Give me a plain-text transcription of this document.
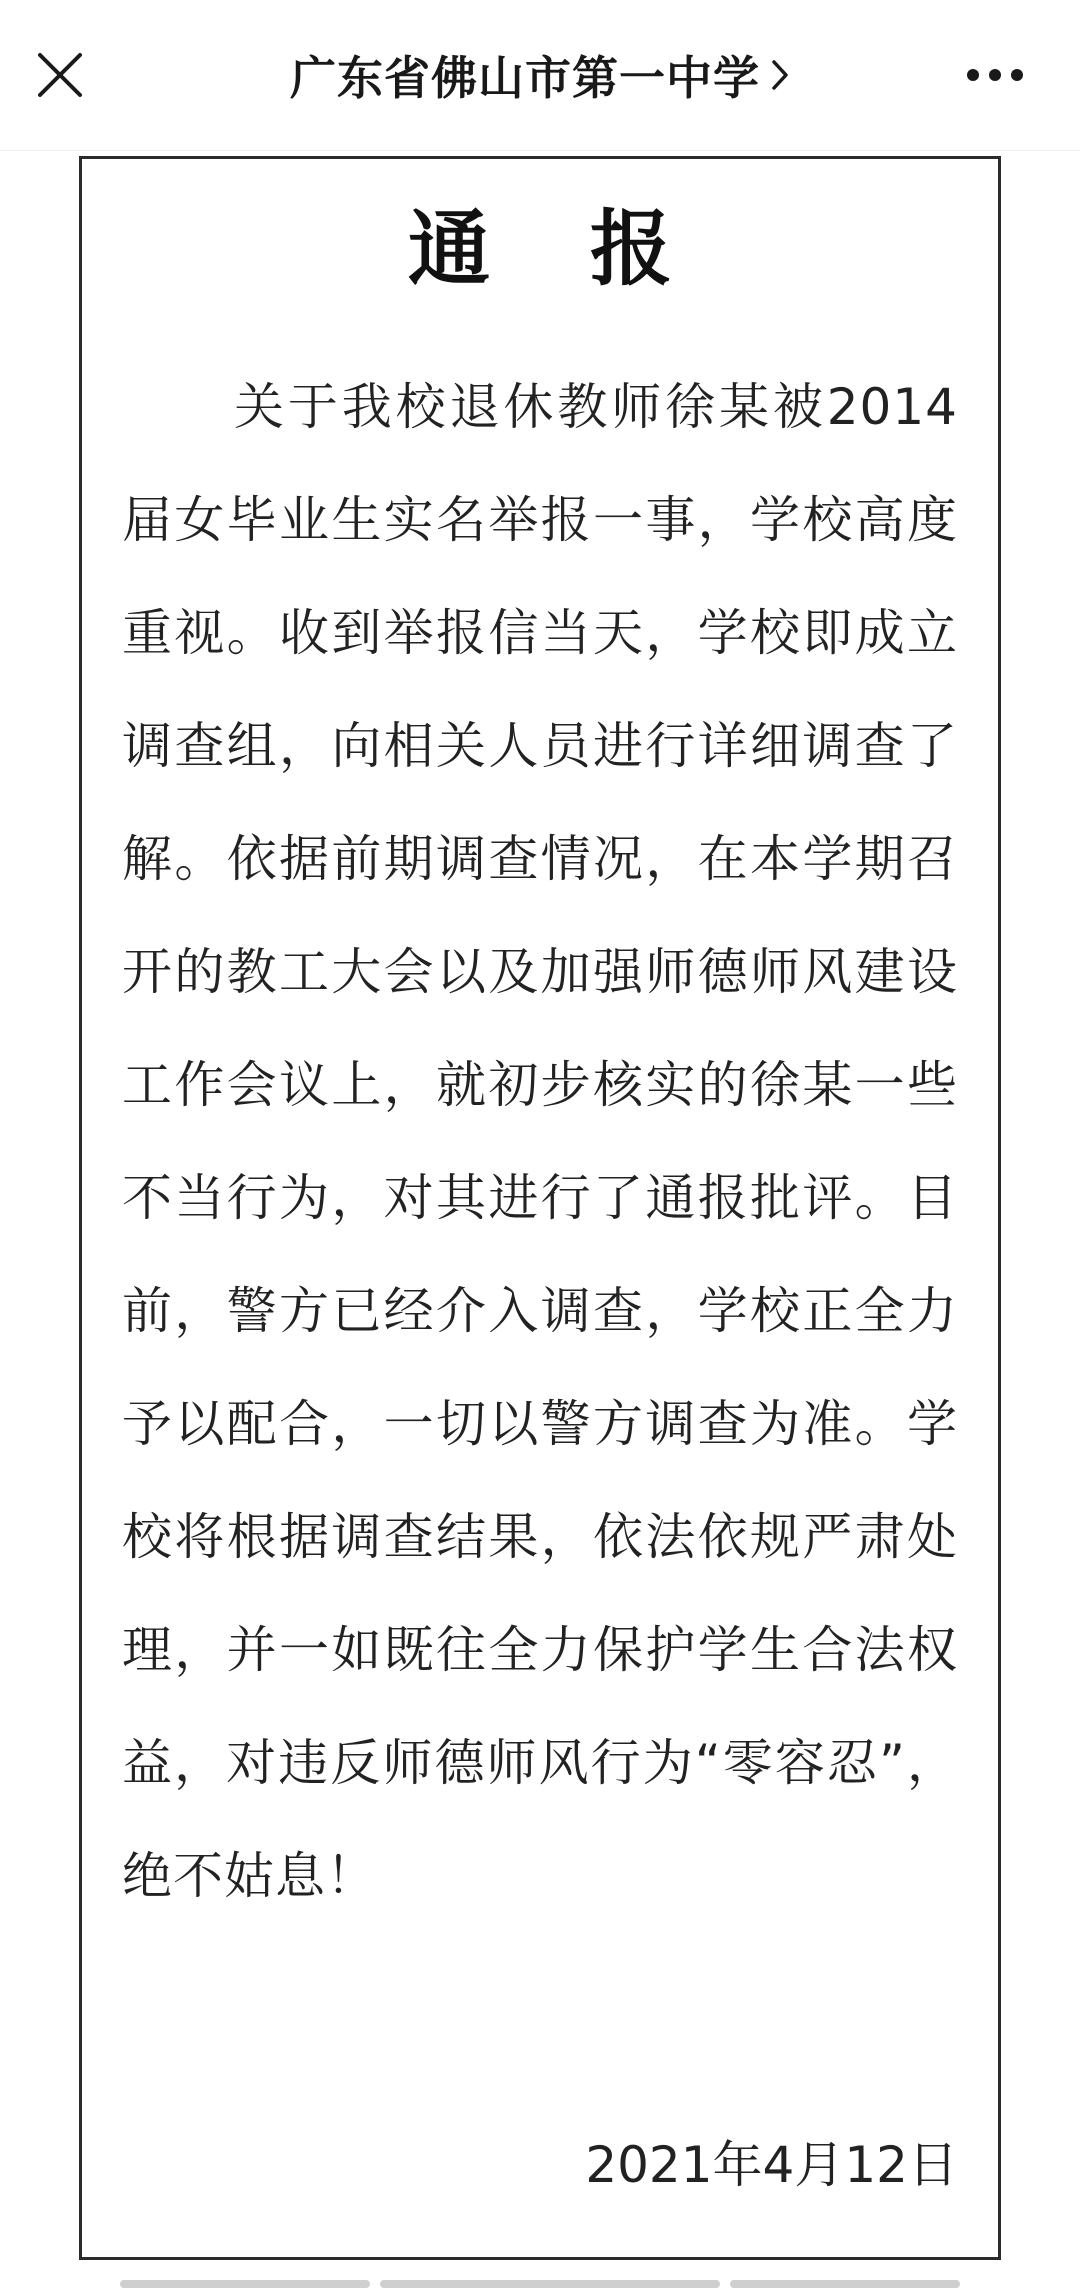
广东省佛山市第一中学
通 报

关于我校退休教师徐某被2014届女毕业生实名举报一事，学校高度重视。收到举报信当天，学校即成立调查组，向相关人员进行详细调查了解。依据前期调查情况，在本学期召开的教工大会以及加强师德师风建设工作会议上，就初步核实的徐某一些不当行为，对其进行了通报批评。目前，警方已经介入调查，学校正全力予以配合，一切以警方调查为准。学校将根据调查结果，依法依规严肃处理，并一如既往全力保护学生合法权益，对违反师德师风行为“零容忍”，绝不姑息！

2021年4月12日
